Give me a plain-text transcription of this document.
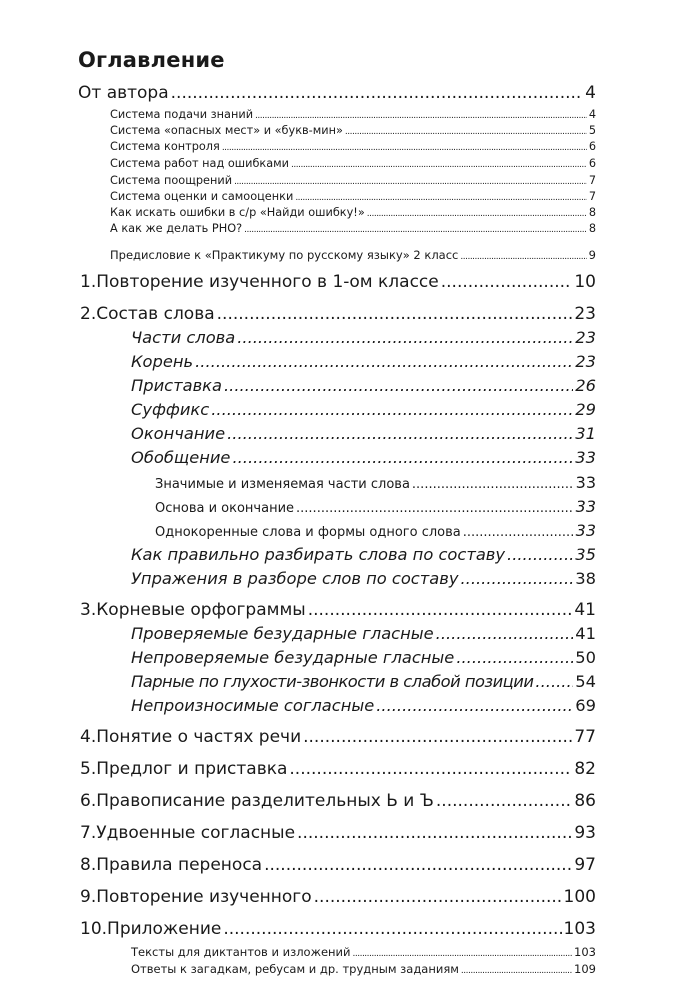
Оглавление
От автора .....	4
Система подачи знаний .....	4
Система «опасных мест» и «букв-мин» .....	5
Система контроля .....	6
Система работ над ошибками .....	6
Система поощрений .....	7
Система оценки и самооценки .....	7
Как искать ошибки в с/р «Найди ошибку!» .....	8
А как же делать РНО? .....	8
Предисловие к «Практикуму по русскому языку» 2 класс .....	9
1. Повторение изученного в 1-ом классе .....	10
2. Состав слова .....	23
Части слова .....	23
Корень .....	23
Приставка .....	26
Суффикс .....	29
Окончание .....	31
Обобщение .....	33
Значимые и изменяемая части слова .....	33
Основа и окончание .....	33
Однокоренные слова и формы одного слова .....	33
Как правильно разбирать слова по составу .....	35
Упражения в разборе слов по составу .....	38
3. Корневые орфограммы .....	41
Проверяемые безударные гласные .....	41
Непроверяемые безударные гласные .....	50
Парные по глухости-звонкости в слабой позиции .....	54
Непроизносимые согласные .....	69
4. Понятие о частях речи .....	77
5. Предлог и приставка .....	82
6. Правописание разделительных Ь и Ъ .....	86
7. Удвоенные согласные .....	93
8. Правила переноса .....	97
9. Повторение изученного .....	100
10. Приложение .....	103
Тексты для диктантов и изложений .....	103
Ответы к загадкам, ребусам и др. трудным заданиям .....	109
